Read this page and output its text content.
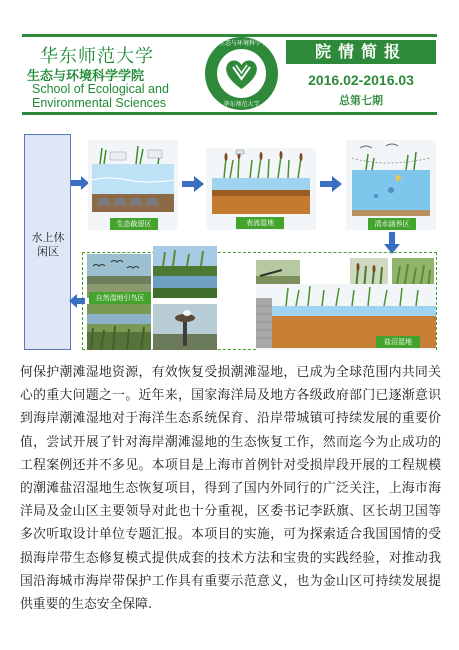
华东师范大学
生态与环境科学学院
School of Ecological and
Environmental Sciences
生态与环境科学学院
华东师范大学
院情简报
2016.02-2016.03
总第七期
水上休闲区
生态截留区	表流湿地	清水涵养区
自然湿地引鸟区
盐沼湿地
何保护潮滩湿地资源，有效恢复受损潮滩湿地，已成为全球范围内共同关心的重大问题之一。近年来，国家海洋局及地方各级政府部门已逐渐意识到海岸潮滩湿地对于海洋生态系统保育、沿岸带城镇可持续发展的重要价值，尝试开展了针对海岸潮滩湿地的生态恢复工作，然而迄今为止成功的工程案例还并不多见。本项目是上海市首例针对受损岸段开展的工程规模的潮滩盐沼湿地生态恢复项目，得到了国内外同行的广泛关注，上海市海洋局及金山区主要领导对此也十分重视，区委书记李跃旗、区长胡卫国等多次听取设计单位专题汇报。本项目的实施，可为探索适合我国国情的受损海岸带生态修复模式提供成套的技术方法和宝贵的实践经验，对推动我国沿海城市海岸带保护工作具有重要示范意义，也为金山区可持续发展提供重要的生态安全保障.
